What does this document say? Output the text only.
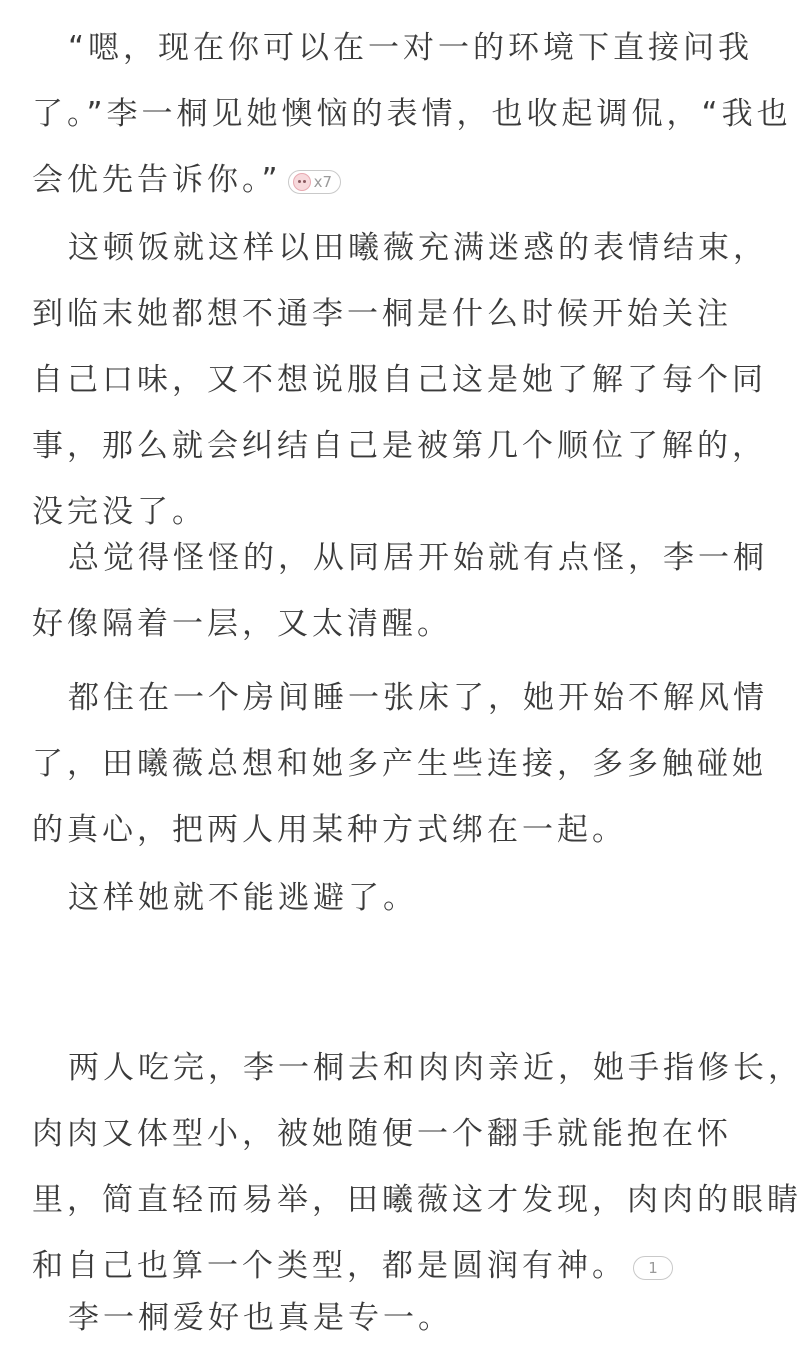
“嗯，现在你可以在一对一的环境下直接问我
了。”李一桐见她懊恼的表情，也收起调侃，“我也
会优先告诉你。” x7
这顿饭就这样以田曦薇充满迷惑的表情结束，
到临末她都想不通李一桐是什么时候开始关注
自己口味，又不想说服自己这是她了解了每个同
事，那么就会纠结自己是被第几个顺位了解的，
没完没了。
总觉得怪怪的，从同居开始就有点怪，李一桐
好像隔着一层，又太清醒。
都住在一个房间睡一张床了，她开始不解风情
了，田曦薇总想和她多产生些连接，多多触碰她
的真心，把两人用某种方式绑在一起。
这样她就不能逃避了。
两人吃完，李一桐去和肉肉亲近，她手指修长，
肉肉又体型小，被她随便一个翻手就能抱在怀
里，简直轻而易举，田曦薇这才发现，肉肉的眼睛
和自己也算一个类型，都是圆润有神。 1
李一桐爱好也真是专一。
